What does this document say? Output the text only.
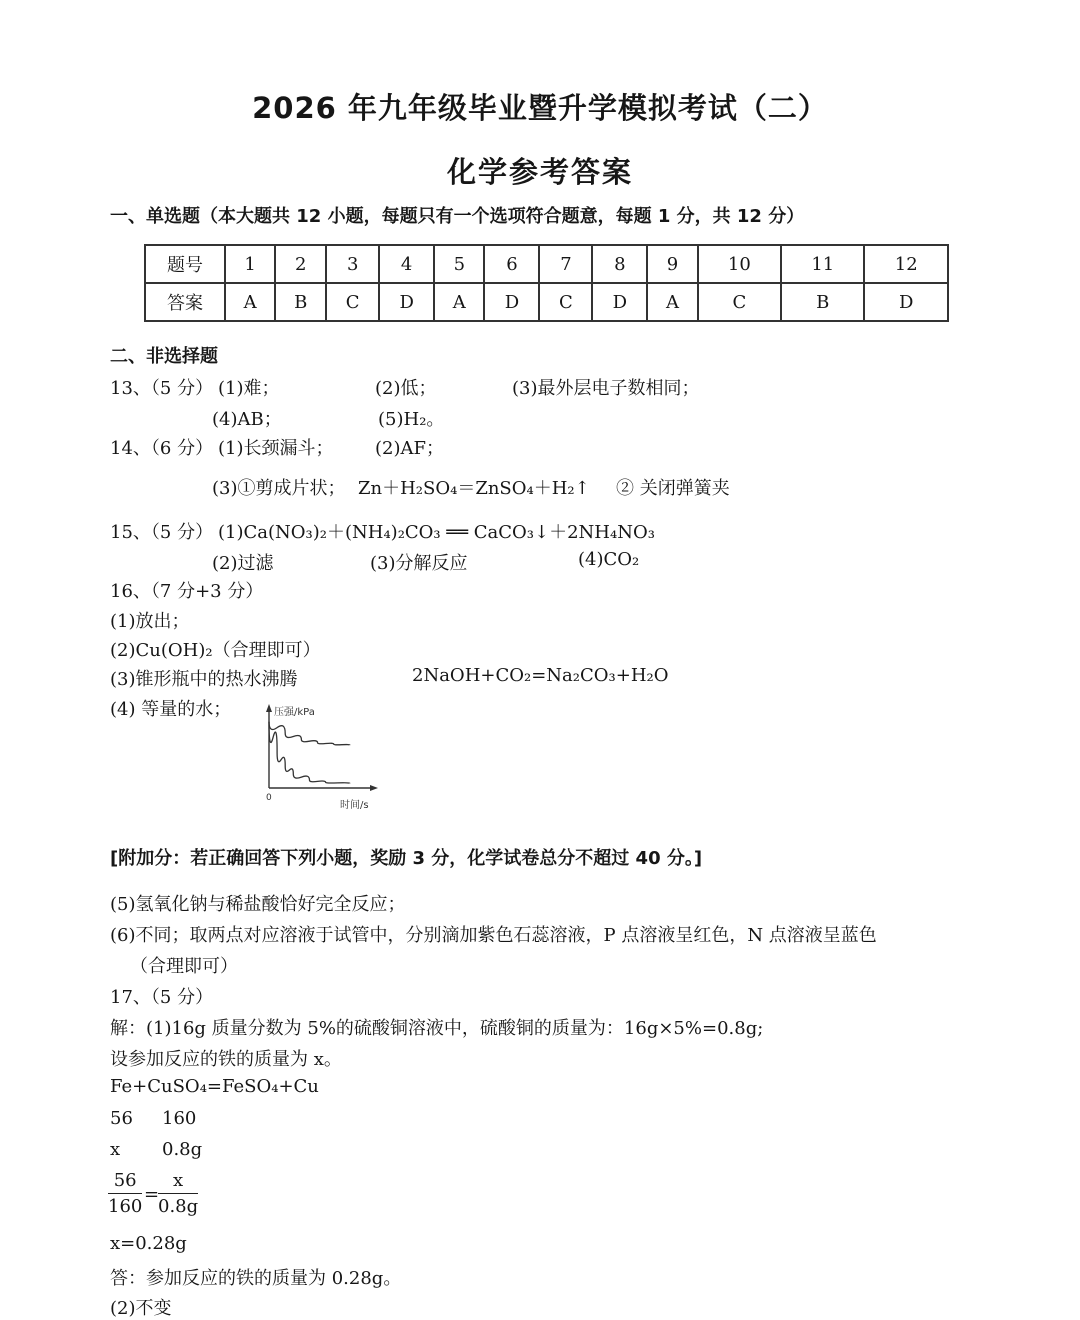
2026 年九年级毕业暨升学模拟考试（二）
化学参考答案
一、单选题（本大题共 12 小题，每题只有一个选项符合题意，每题 1 分，共 12 分）
题号	1	2	3	4	5	6	7	8	9	10	11	12
答案	A	B	C	D	A	D	C	D	A	C	B	D
二、非选择题
13、（5 分） (1)难；	(2)低；	(3)最外层电子数相同；
(4)AB；	(5)H₂。
14、（6 分） (1)长颈漏斗； (2)AF；
(3)①剪成片状； Zn＋H₂SO₄＝ZnSO₄＋H₂↑ ② 关闭弹簧夹
15、（5 分） (1)Ca(NO₃)₂＋(NH₄)₂CO₃ ══ CaCO₃↓＋2NH₄NO₃
(2)过滤	(3)分解反应	(4)CO₂
16、（7 分+3 分）
(1)放出；
(2)Cu(OH)₂（合理即可）
(3)锥形瓶中的热水沸腾	2NaOH+CO₂=Na₂CO₃+H₂O
(4) 等量的水；	压强/kPa
时间/s
0
[附加分：若正确回答下列小题，奖励 3 分，化学试卷总分不超过 40 分。]
(5)氢氧化钠与稀盐酸恰好完全反应；
(6)不同；取两点对应溶液于试管中，分别滴加紫色石蕊溶液，P 点溶液呈红色，N 点溶液呈蓝色
（合理即可）
17、（5 分）
解：(1)16g 质量分数为 5%的硫酸铜溶液中，硫酸铜的质量为：16g×5%=0.8g;
设参加反应的铁的质量为 x。
Fe+CuSO₄=FeSO₄+Cu
56 160
x 0.8g
$\frac{56}{160}$ =
$\frac{x}{0.8g}$
x=0.28g
答：参加反应的铁的质量为 0.28g。
(2)不变
